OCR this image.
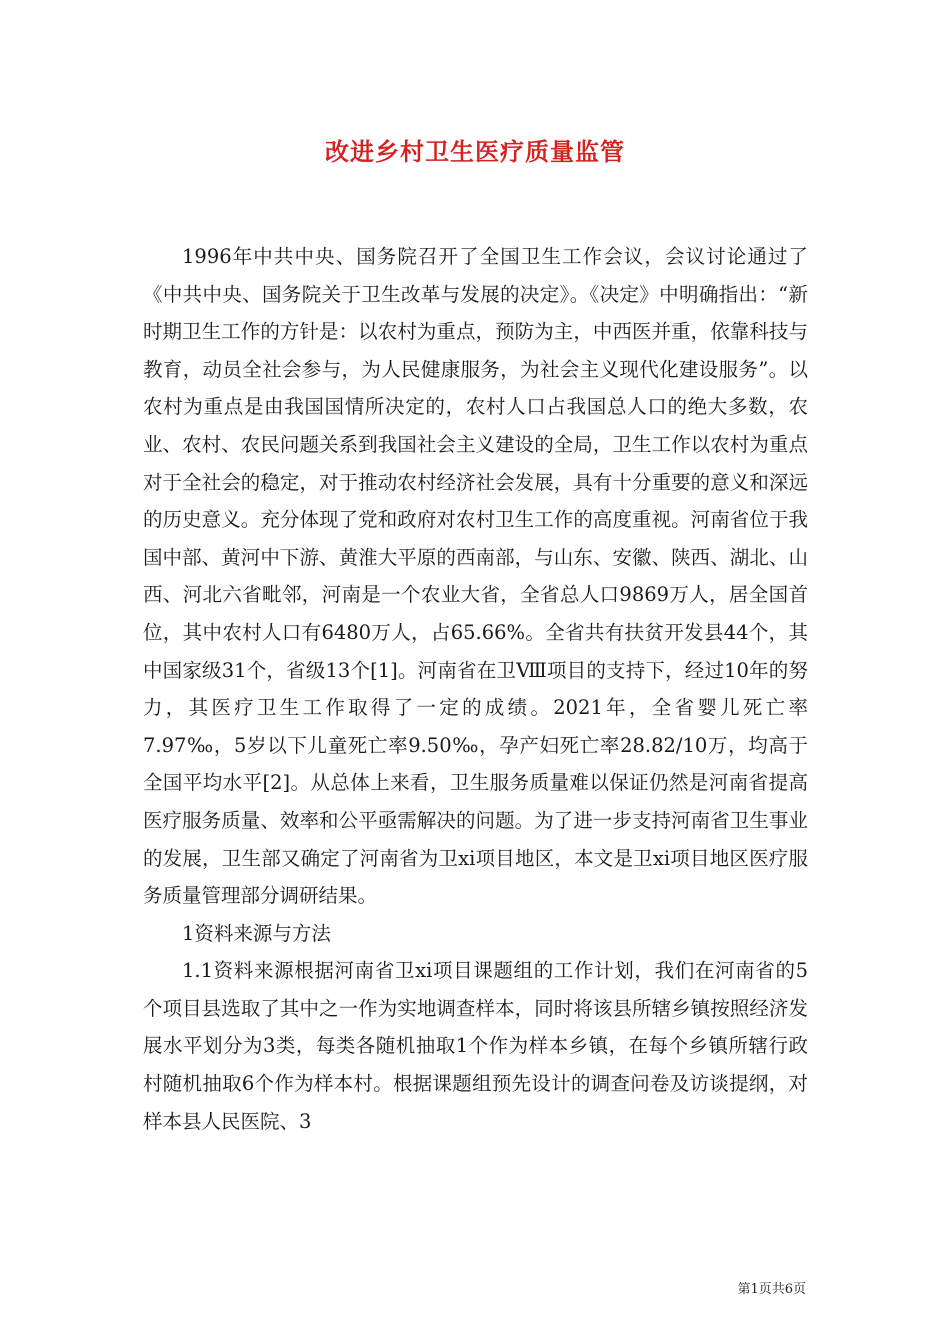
改进乡村卫生医疗质量监管

1996年中共中央、国务院召开了全国卫生工作会议，会议讨论通过了《中共中央、国务院关于卫生改革与发展的决定》。《决定》中明确指出：“新时期卫生工作的方针是：以农村为重点，预防为主，中西医并重，依靠科技与教育，动员全社会参与，为人民健康服务，为社会主义现代化建设服务”。以农村为重点是由我国国情所决定的，农村人口占我国总人口的绝大多数，农业、农村、农民问题关系到我国社会主义建设的全局，卫生工作以农村为重点对于全社会的稳定，对于推动农村经济社会发展，具有十分重要的意义和深远的历史意义。充分体现了党和政府对农村卫生工作的高度重视。河南省位于我国中部、黄河中下游、黄淮大平原的西南部，与山东、安徽、陕西、湖北、山西、河北六省毗邻，河南是一个农业大省，全省总人口9869万人，居全国首位，其中农村人口有6480万人，占65.66%。全省共有扶贫开发县44个，其中国家级31个，省级13个[1]。河南省在卫Ⅷ项目的支持下，经过10年的努力，其医疗卫生工作取得了一定的成绩。2021年，全省婴儿死亡率7.97‰，5岁以下儿童死亡率9.50‰，孕产妇死亡率28.82/10万，均高于全国平均水平[2]。从总体上来看，卫生服务质量难以保证仍然是河南省提高医疗服务质量、效率和公平亟需解决的问题。为了进一步支持河南省卫生事业的发展，卫生部又确定了河南省为卫xi项目地区，本文是卫xi项目地区医疗服务质量管理部分调研结果。

1资料来源与方法

1.1资料来源根据河南省卫xi项目课题组的工作计划，我们在河南省的5个项目县选取了其中之一作为实地调查样本，同时将该县所辖乡镇按照经济发展水平划分为3类，每类各随机抽取1个作为样本乡镇，在每个乡镇所辖行政村随机抽取6个作为样本村。根据课题组预先设计的调查问卷及访谈提纲，对样本县人民医院、3

第1页共6页
